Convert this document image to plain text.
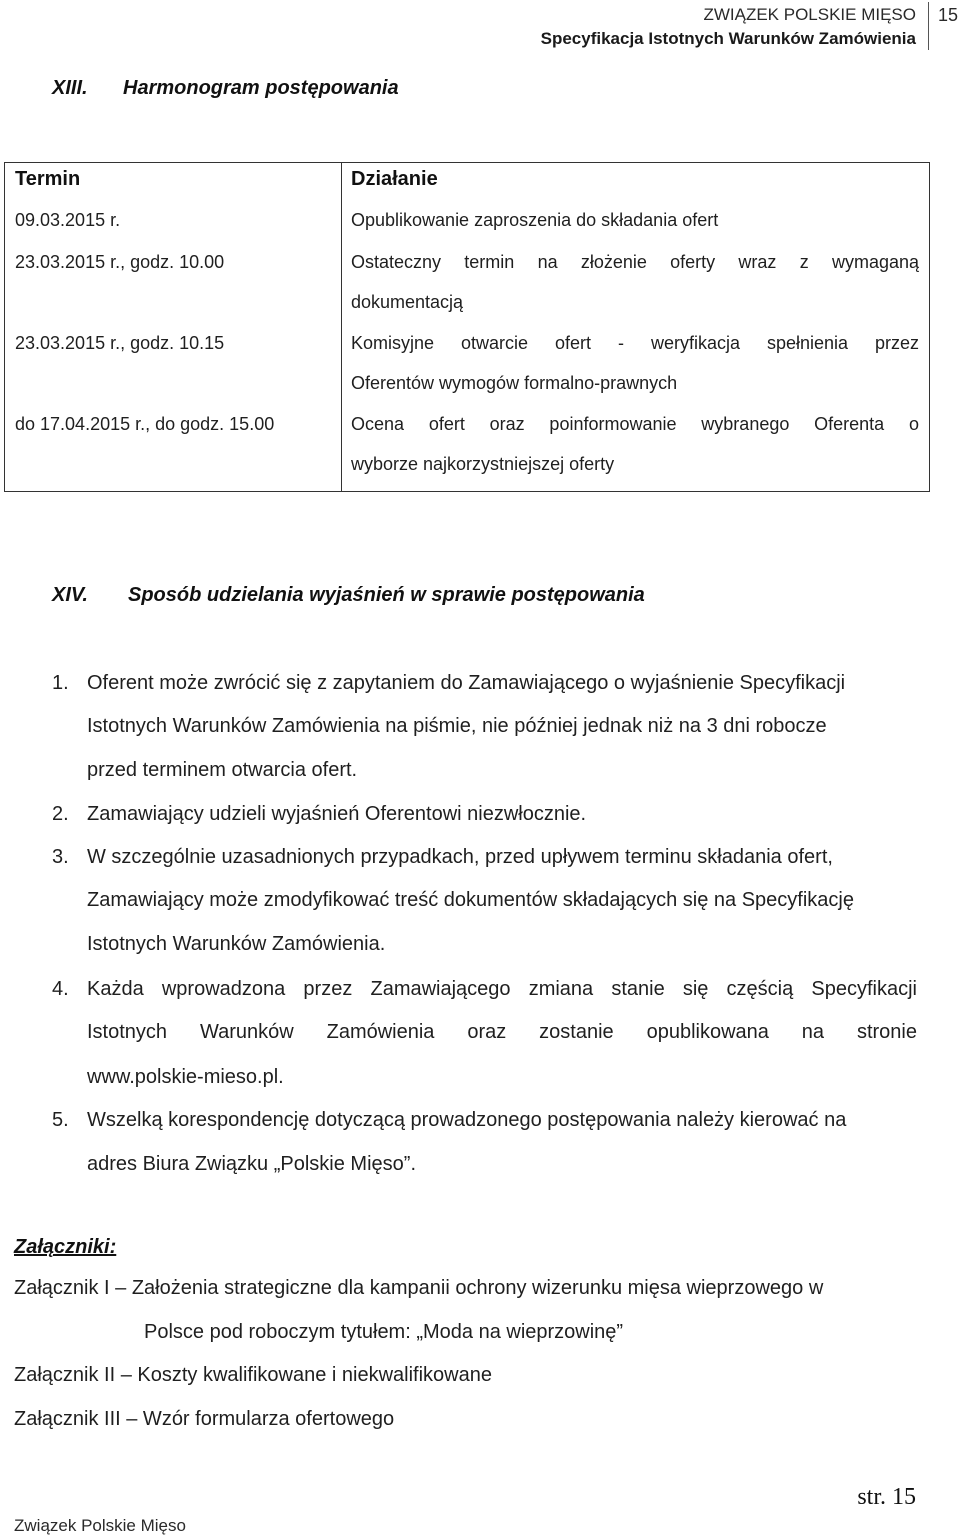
ZWIĄZEK POLSKIE MIĘSO
Specyfikacja Istotnych Warunków Zamówienia
15
XIII. Harmonogram postępowania
Termin	Działanie
09.03.2015 r.	Opublikowanie zaproszenia do składania ofert
23.03.2015 r., godz. 10.00	Ostateczny termin na złożenie oferty wraz z wymaganą
dokumentacją
23.03.2015 r., godz. 10.15	Komisyjne otwarcie ofert - weryfikacja spełnienia przez
Oferentów wymogów formalno-prawnych
do 17.04.2015 r., do godz. 15.00	Ocena ofert oraz poinformowanie wybranego Oferenta o
wyborze najkorzystniejszej oferty
XIV. Sposób udzielania wyjaśnień w sprawie postępowania
1. Oferent może zwrócić się z zapytaniem do Zamawiającego o wyjaśnienie Specyfikacji
Istotnych Warunków Zamówienia na piśmie, nie później jednak niż na 3 dni robocze
przed terminem otwarcia ofert.
2. Zamawiający udzieli wyjaśnień Oferentowi niezwłocznie.
3. W szczególnie uzasadnionych przypadkach, przed upływem terminu składania ofert,
Zamawiający może zmodyfikować treść dokumentów składających się na Specyfikację
Istotnych Warunków Zamówienia.
4. Każda wprowadzona przez Zamawiającego zmiana stanie się częścią Specyfikacji
Istotnych Warunków Zamówienia oraz zostanie opublikowana na stronie
www.polskie-mieso.pl.
5. Wszelką korespondencję dotyczącą prowadzonego postępowania należy kierować na
adres Biura Związku „Polskie Mięso”.
Załączniki:
Załącznik I – Założenia strategiczne dla kampanii ochrony wizerunku mięsa wieprzowego w
Polsce pod roboczym tytułem: „Moda na wieprzowinę”
Załącznik II – Koszty kwalifikowane i niekwalifikowane
Załącznik III – Wzór formularza ofertowego
str. 15
Związek Polskie Mięso
